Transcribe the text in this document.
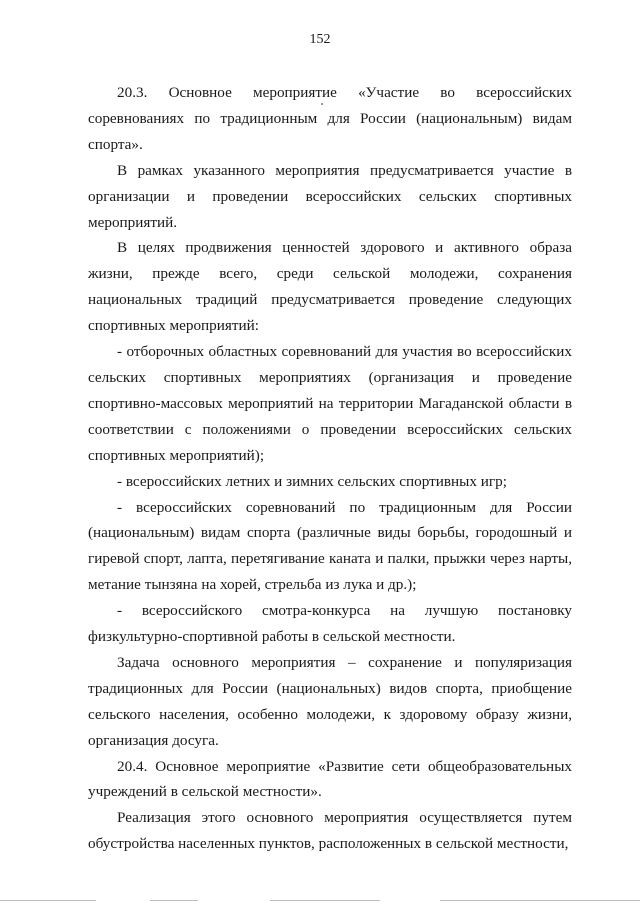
152

20.3. Основное мероприятие «Участие во всероссийских соревнованиях по традиционным для России (национальным) видам спорта».

В рамках указанного мероприятия предусматривается участие в организации и проведении всероссийских сельских спортивных мероприятий.

В целях продвижения ценностей здорового и активного образа жизни, прежде всего, среди сельской молодежи, сохранения национальных традиций предусматривается проведение следующих спортивных мероприятий:

- отборочных областных соревнований для участия во всероссийских сельских спортивных мероприятиях (организация и проведение спортивно-массовых мероприятий на территории Магаданской области в соответствии с положениями о проведении всероссийских сельских спортивных мероприятий);

- всероссийских летних и зимних сельских спортивных игр;

- всероссийских соревнований по традиционным для России (национальным) видам спорта (различные виды борьбы, городошный и гиревой спорт, лапта, перетягивание каната и палки, прыжки через нарты, метание тынзяна на хорей, стрельба из лука и др.);

- всероссийского смотра-конкурса на лучшую постановку физкультурно-спортивной работы в сельской местности.

Задача основного мероприятия – сохранение и популяризация традиционных для России (национальных) видов спорта, приобщение сельского населения, особенно молодежи, к здоровому образу жизни, организация досуга.

20.4. Основное мероприятие «Развитие сети общеобразовательных учреждений в сельской местности».

Реализация этого основного мероприятия осуществляется путем обустройства населенных пунктов, расположенных в сельской местности,
